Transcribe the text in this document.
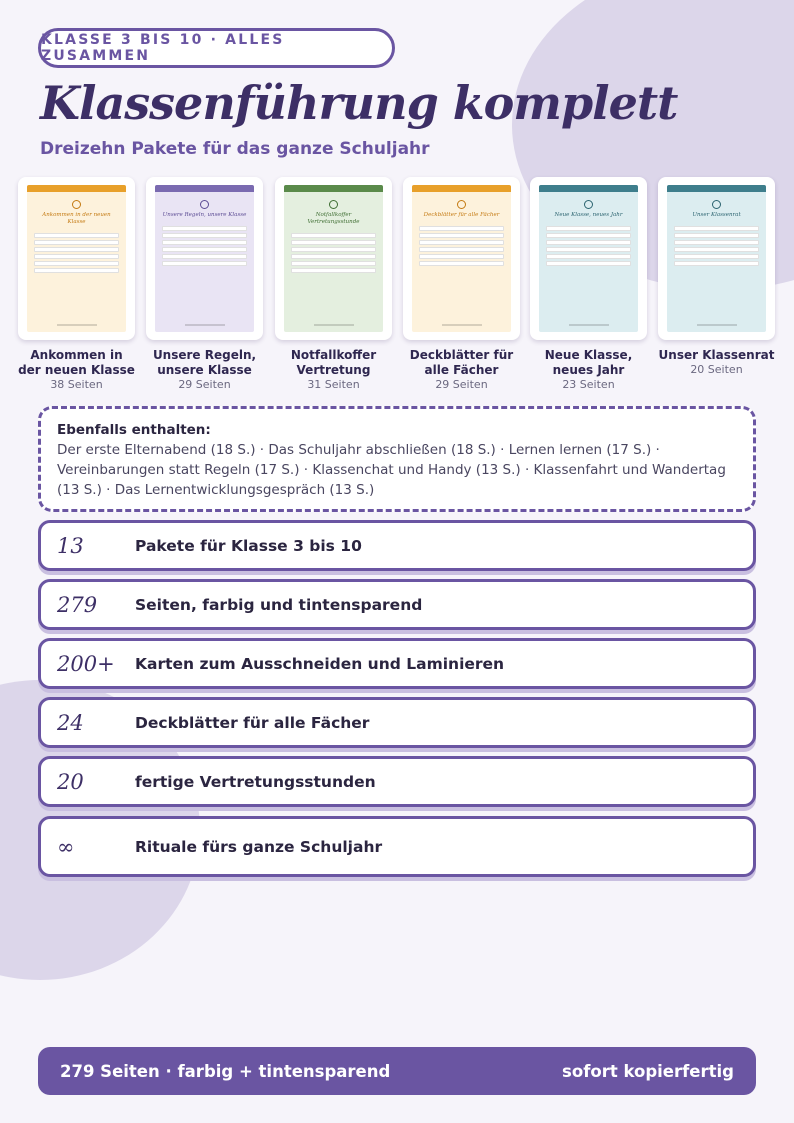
KLASSE 3 BIS 10 · ALLES ZUSAMMEN
Klassenführung komplett
Dreizehn Pakete für das ganze Schuljahr
Ankommen in der neuen Klasse
Ankommen in der neuen Klasse
38 Seiten
Unsere Regeln, unsere Klasse
Unsere Regeln, unsere Klasse
29 Seiten
Notfallkoffer Vertretungsstunde
Notfallkoffer Vertretung
31 Seiten
Deckblätter für alle Fächer
Deckblätter für alle Fächer
29 Seiten
Neue Klasse, neues Jahr
Neue Klasse, neues Jahr
23 Seiten
Unser Klassenrat
Unser Klassenrat
20 Seiten
Ebenfalls enthalten:
Der erste Elternabend (18 S.) · Das Schuljahr abschließen (18 S.) · Lernen lernen (17 S.) · Vereinbarungen statt Regeln (17 S.) · Klassenchat und Handy (13 S.) · Klassenfahrt und Wandertag (13 S.) · Das Lernentwicklungsgespräch (13 S.)
13	Pakete für Klasse 3 bis 10
279	Seiten, farbig und tintensparend
200+	Karten zum Ausschneiden und Laminieren
24	Deckblätter für alle Fächer
20	fertige Vertretungsstunden
∞	Rituale fürs ganze Schuljahr
279 Seiten · farbig + tintensparend	sofort kopierfertig
